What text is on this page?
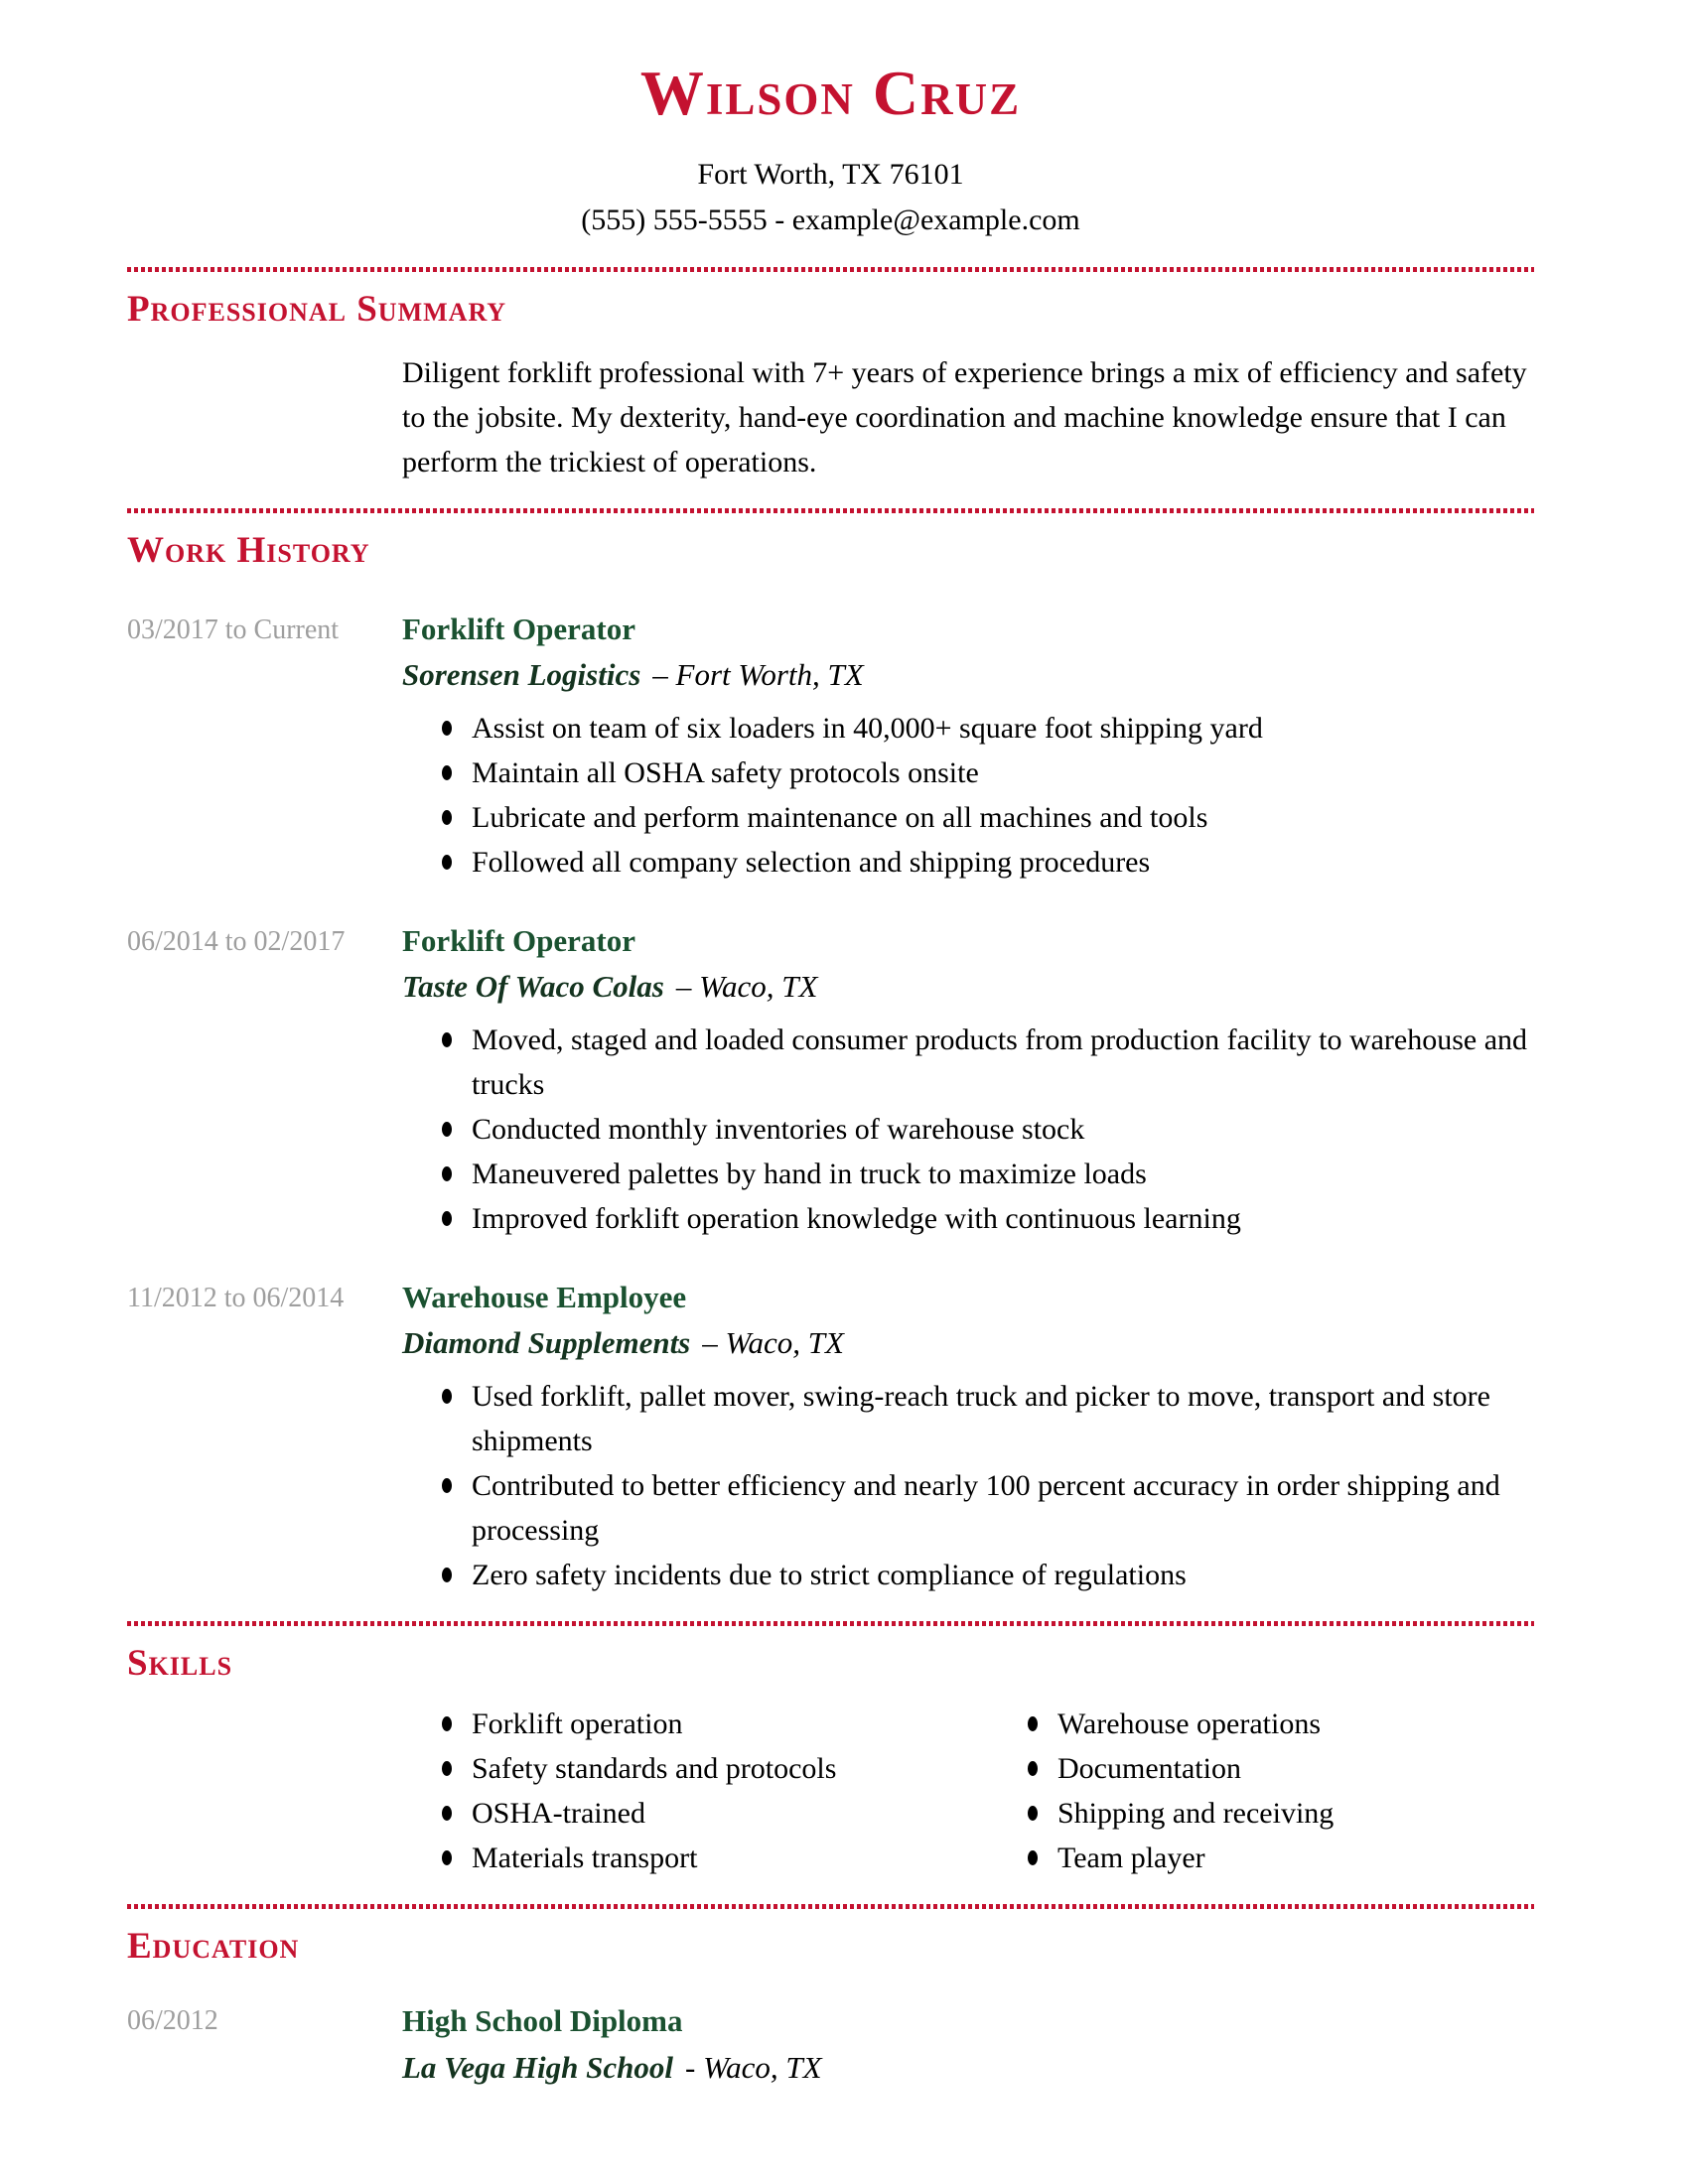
Wilson Cruz
Fort Worth, TX 76101
(555) 555-5555 - example@example.com
Professional Summary

Diligent forklift professional with 7+ years of experience brings a mix of efficiency and safety to the jobsite. My dexterity, hand-eye coordination and machine knowledge ensure that I can perform the trickiest of operations.

Work History
03/2017 to Current	Forklift Operator
Sorensen Logistics – Fort Worth, TX
Assist on team of six loaders in 40,000+ square foot shipping yard
Maintain all OSHA safety protocols onsite
Lubricate and perform maintenance on all machines and tools
Followed all company selection and shipping procedures
06/2014 to 02/2017	Forklift Operator
Taste Of Waco Colas – Waco, TX
Moved, staged and loaded consumer products from production facility to warehouse and trucks
Conducted monthly inventories of warehouse stock
Maneuvered palettes by hand in truck to maximize loads
Improved forklift operation knowledge with continuous learning
11/2012 to 06/2014	Warehouse Employee
Diamond Supplements – Waco, TX
Used forklift, pallet mover, swing-reach truck and picker to move, transport and store shipments
Contributed to better efficiency and nearly 100 percent accuracy in order shipping and processing
Zero safety incidents due to strict compliance of regulations
Skills
Forklift operation
Safety standards and protocols
OSHA-trained
Materials transport
Warehouse operations
Documentation
Shipping and receiving
Team player
Education
06/2012	High School Diploma
La Vega High School - Waco, TX
